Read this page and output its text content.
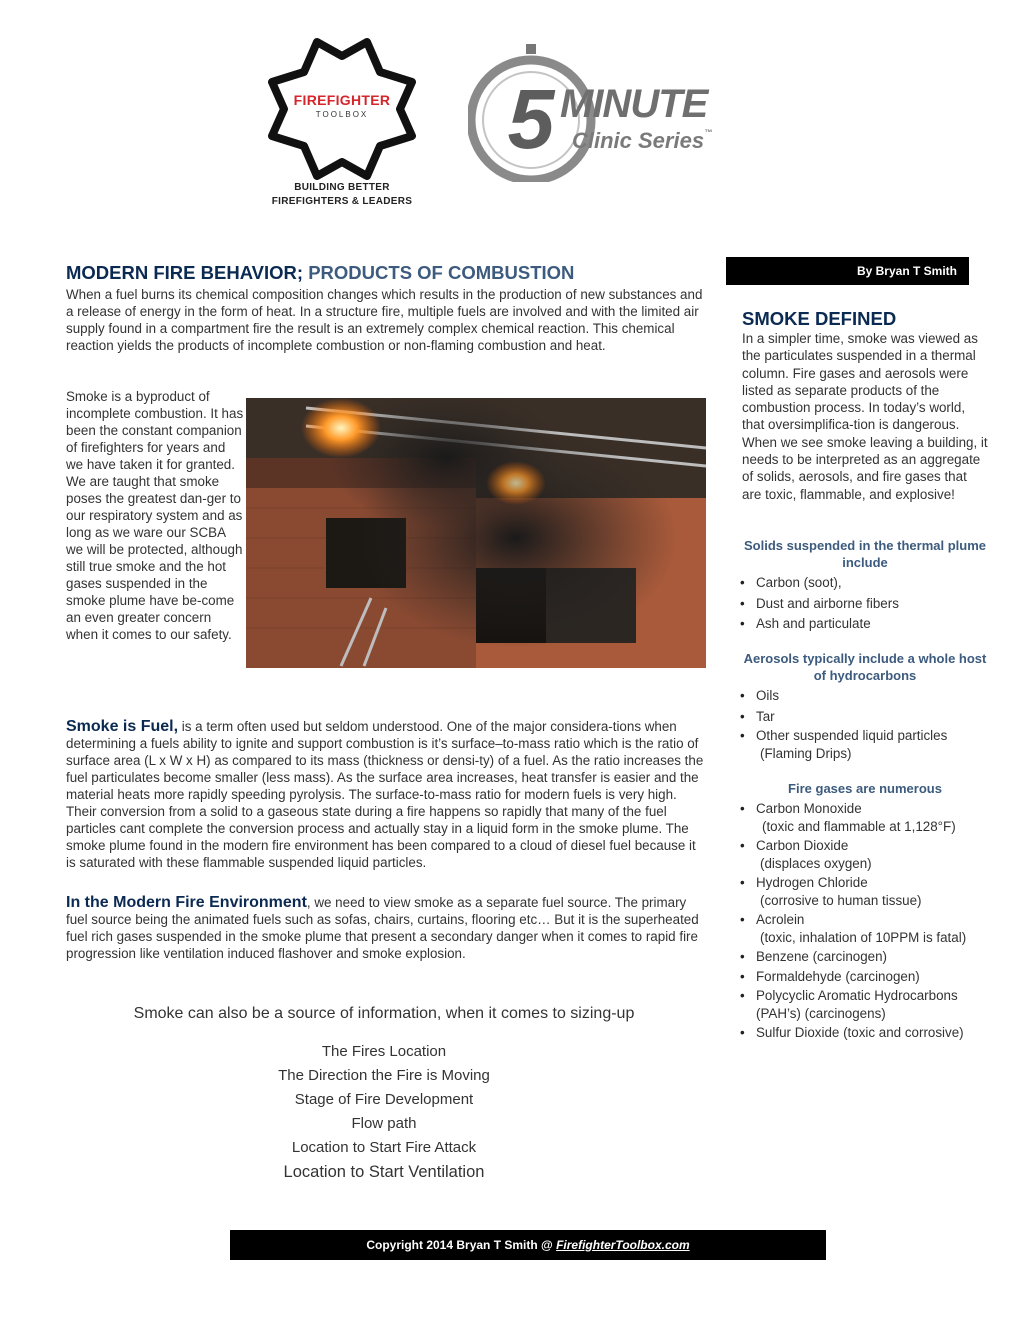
FIREFIGHTER
TOOLBOX
BUILDING BETTER
FIREFIGHTERS & LEADERS
5 MINUTE
Clinic Series™
MODERN FIRE BEHAVIOR; PRODUCTS OF COMBUSTION	By Bryan T Smith
When a fuel burns its chemical composition changes which results in the production of new substances and a release of energy in the form of heat. In a structure fire, multiple fuels are involved and with the limited air supply found in a compartment fire the result is an extremely complex chemical reaction. This chemical reaction yields the products of incomplete combustion or non-flaming combustion and heat.
Smoke is a byproduct of incomplete combustion. It has been the constant companion of firefighters for years and we have taken it for granted. We are taught that smoke poses the greatest dan-ger to our respiratory system and as long as we ware our SCBA we will be protected, although still true smoke and the hot gases suspended in the smoke plume have be-come an even greater concern when it comes to our safety.
Smoke is Fuel, is a term often used but seldom understood. One of the major considera-tions when determining a fuels ability to ignite and support combustion is it’s surface–to-mass ratio which is the ratio of surface area (L x W x H) as compared to its mass (thickness or densi-ty) of a fuel. As the ratio increases the fuel particulates become smaller (less mass). As the surface area increases, heat transfer is easier and the material heats more rapidly speeding pyrolysis. The surface-to-mass ratio for modern fuels is very high. Their conversion from a solid to a gaseous state during a fire happens so rapidly that many of the fuel particles cant complete the conversion process and actually stay in a liquid form in the smoke plume. The smoke plume found in the modern fire environment has been compared to a cloud of diesel fuel because it is saturated with these flammable suspended liquid particles.
In the Modern Fire Environment, we need to view smoke as a separate fuel source. The primary fuel source being the animated fuels such as sofas, chairs, curtains, flooring etc… But it is the superheated fuel rich gases suspended in the smoke plume that present a secondary danger when it comes to rapid fire progression like ventilation induced flashover and smoke explosion.
Smoke can also be a source of information, when it comes to sizing-up
The Fires Location
The Direction the Fire is Moving
Stage of Fire Development
Flow path
Location to Start Fire Attack
Location to Start Ventilation
SMOKE DEFINED
In a simpler time, smoke was viewed as the particulates suspended in a thermal column. Fire gases and aerosols were listed as separate products of the combustion process. In today’s world, that oversimplifica-tion is dangerous. When we see smoke leaving a building, it needs to be interpreted as an aggregate of solids, aerosols, and fire gases that are toxic, flammable, and explosive!
Solids suspended in the thermal plume include
• Carbon (soot),
• Dust and airborne fibers
• Ash and particulate
Aerosols typically include a whole host of hydrocarbons
• Oils
• Tar
• Other suspended liquid particles
(Flaming Drips)
Fire gases are numerous
• Carbon Monoxide
(toxic and flammable at 1,128°F)
• Carbon Dioxide
(displaces oxygen)
• Hydrogen Chloride
(corrosive to human tissue)
• Acrolein
(toxic, inhalation of 10PPM is fatal)
• Benzene (carcinogen)
• Formaldehyde (carcinogen)
• Polycyclic Aromatic Hydrocarbons
(PAH’s) (carcinogens)
• Sulfur Dioxide (toxic and corrosive)
Copyright 2014 Bryan T Smith @ FirefighterToolbox.com
